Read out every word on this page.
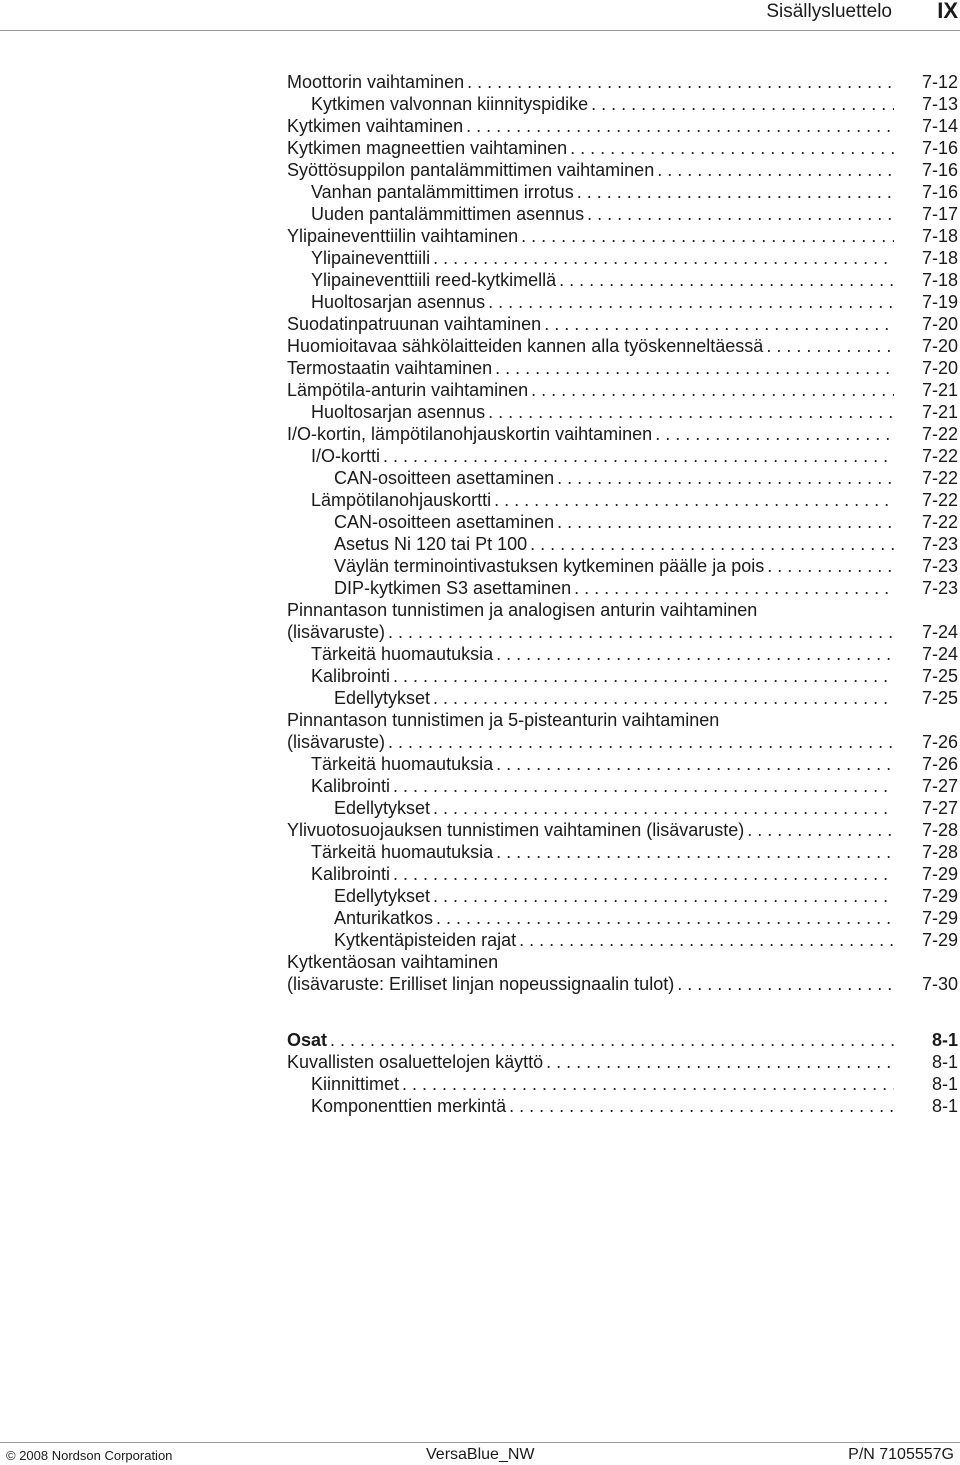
Sisällysluettelo IX
Moottorin vaihtaminen . . .	7-12
Kytkimen valvonnan kiinnityspidike . . .	7-13
Kytkimen vaihtaminen . . .	7-14
Kytkimen magneettien vaihtaminen . . .	7-16
Syöttösuppilon pantalämmittimen vaihtaminen . . .	7-16
Vanhan pantalämmittimen irrotus . . .	7-16
Uuden pantalämmittimen asennus . . .	7-17
Ylipaineventtiilin vaihtaminen . . .	7-18
Ylipaineventtiili . . .	7-18
Ylipaineventtiili reed-kytkimellä . . .	7-18
Huoltosarjan asennus . . .	7-19
Suodatinpatruunan vaihtaminen . . .	7-20
Huomioitavaa sähkölaitteiden kannen alla työskenneltäessä . . .	7-20
Termostaatin vaihtaminen . . .	7-20
Lämpötila-anturin vaihtaminen . . .	7-21
Huoltosarjan asennus . . .	7-21
I/O-kortin, lämpötilanohjauskortin vaihtaminen . . .	7-22
I/O-kortti . . .	7-22
CAN-osoitteen asettaminen . . .	7-22
Lämpötilanohjauskortti . . .	7-22
CAN-osoitteen asettaminen . . .	7-22
Asetus Ni 120 tai Pt 100 . . .	7-23
Väylän terminointivastuksen kytkeminen päälle ja pois . . .	7-23
DIP-kytkimen S3 asettaminen . . .	7-23
Pinnantason tunnistimen ja analogisen anturin vaihtaminen
(lisävaruste) . . .	7-24
Tärkeitä huomautuksia . . .	7-24
Kalibrointi . . .	7-25
Edellytykset . . .	7-25
Pinnantason tunnistimen ja 5-pisteanturin vaihtaminen
(lisävaruste) . . .	7-26
Tärkeitä huomautuksia . . .	7-26
Kalibrointi . . .	7-27
Edellytykset . . .	7-27
Ylivuotosuojauksen tunnistimen vaihtaminen (lisävaruste) . . .	7-28
Tärkeitä huomautuksia . . .	7-28
Kalibrointi . . .	7-29
Edellytykset . . .	7-29
Anturikatkos . . .	7-29
Kytkentäpisteiden rajat . . .	7-29
Kytkentäosan vaihtaminen
(lisävaruste: Erilliset linjan nopeussignaalin tulot) . . .	7-30
Osat . . .	8-1
Kuvallisten osaluettelojen käyttö . . .	8-1
Kiinnittimet . . .	8-1
Komponenttien merkintä . . .	8-1
© 2008 Nordson Corporation	VersaBlue_NW	P/N 7105557G
